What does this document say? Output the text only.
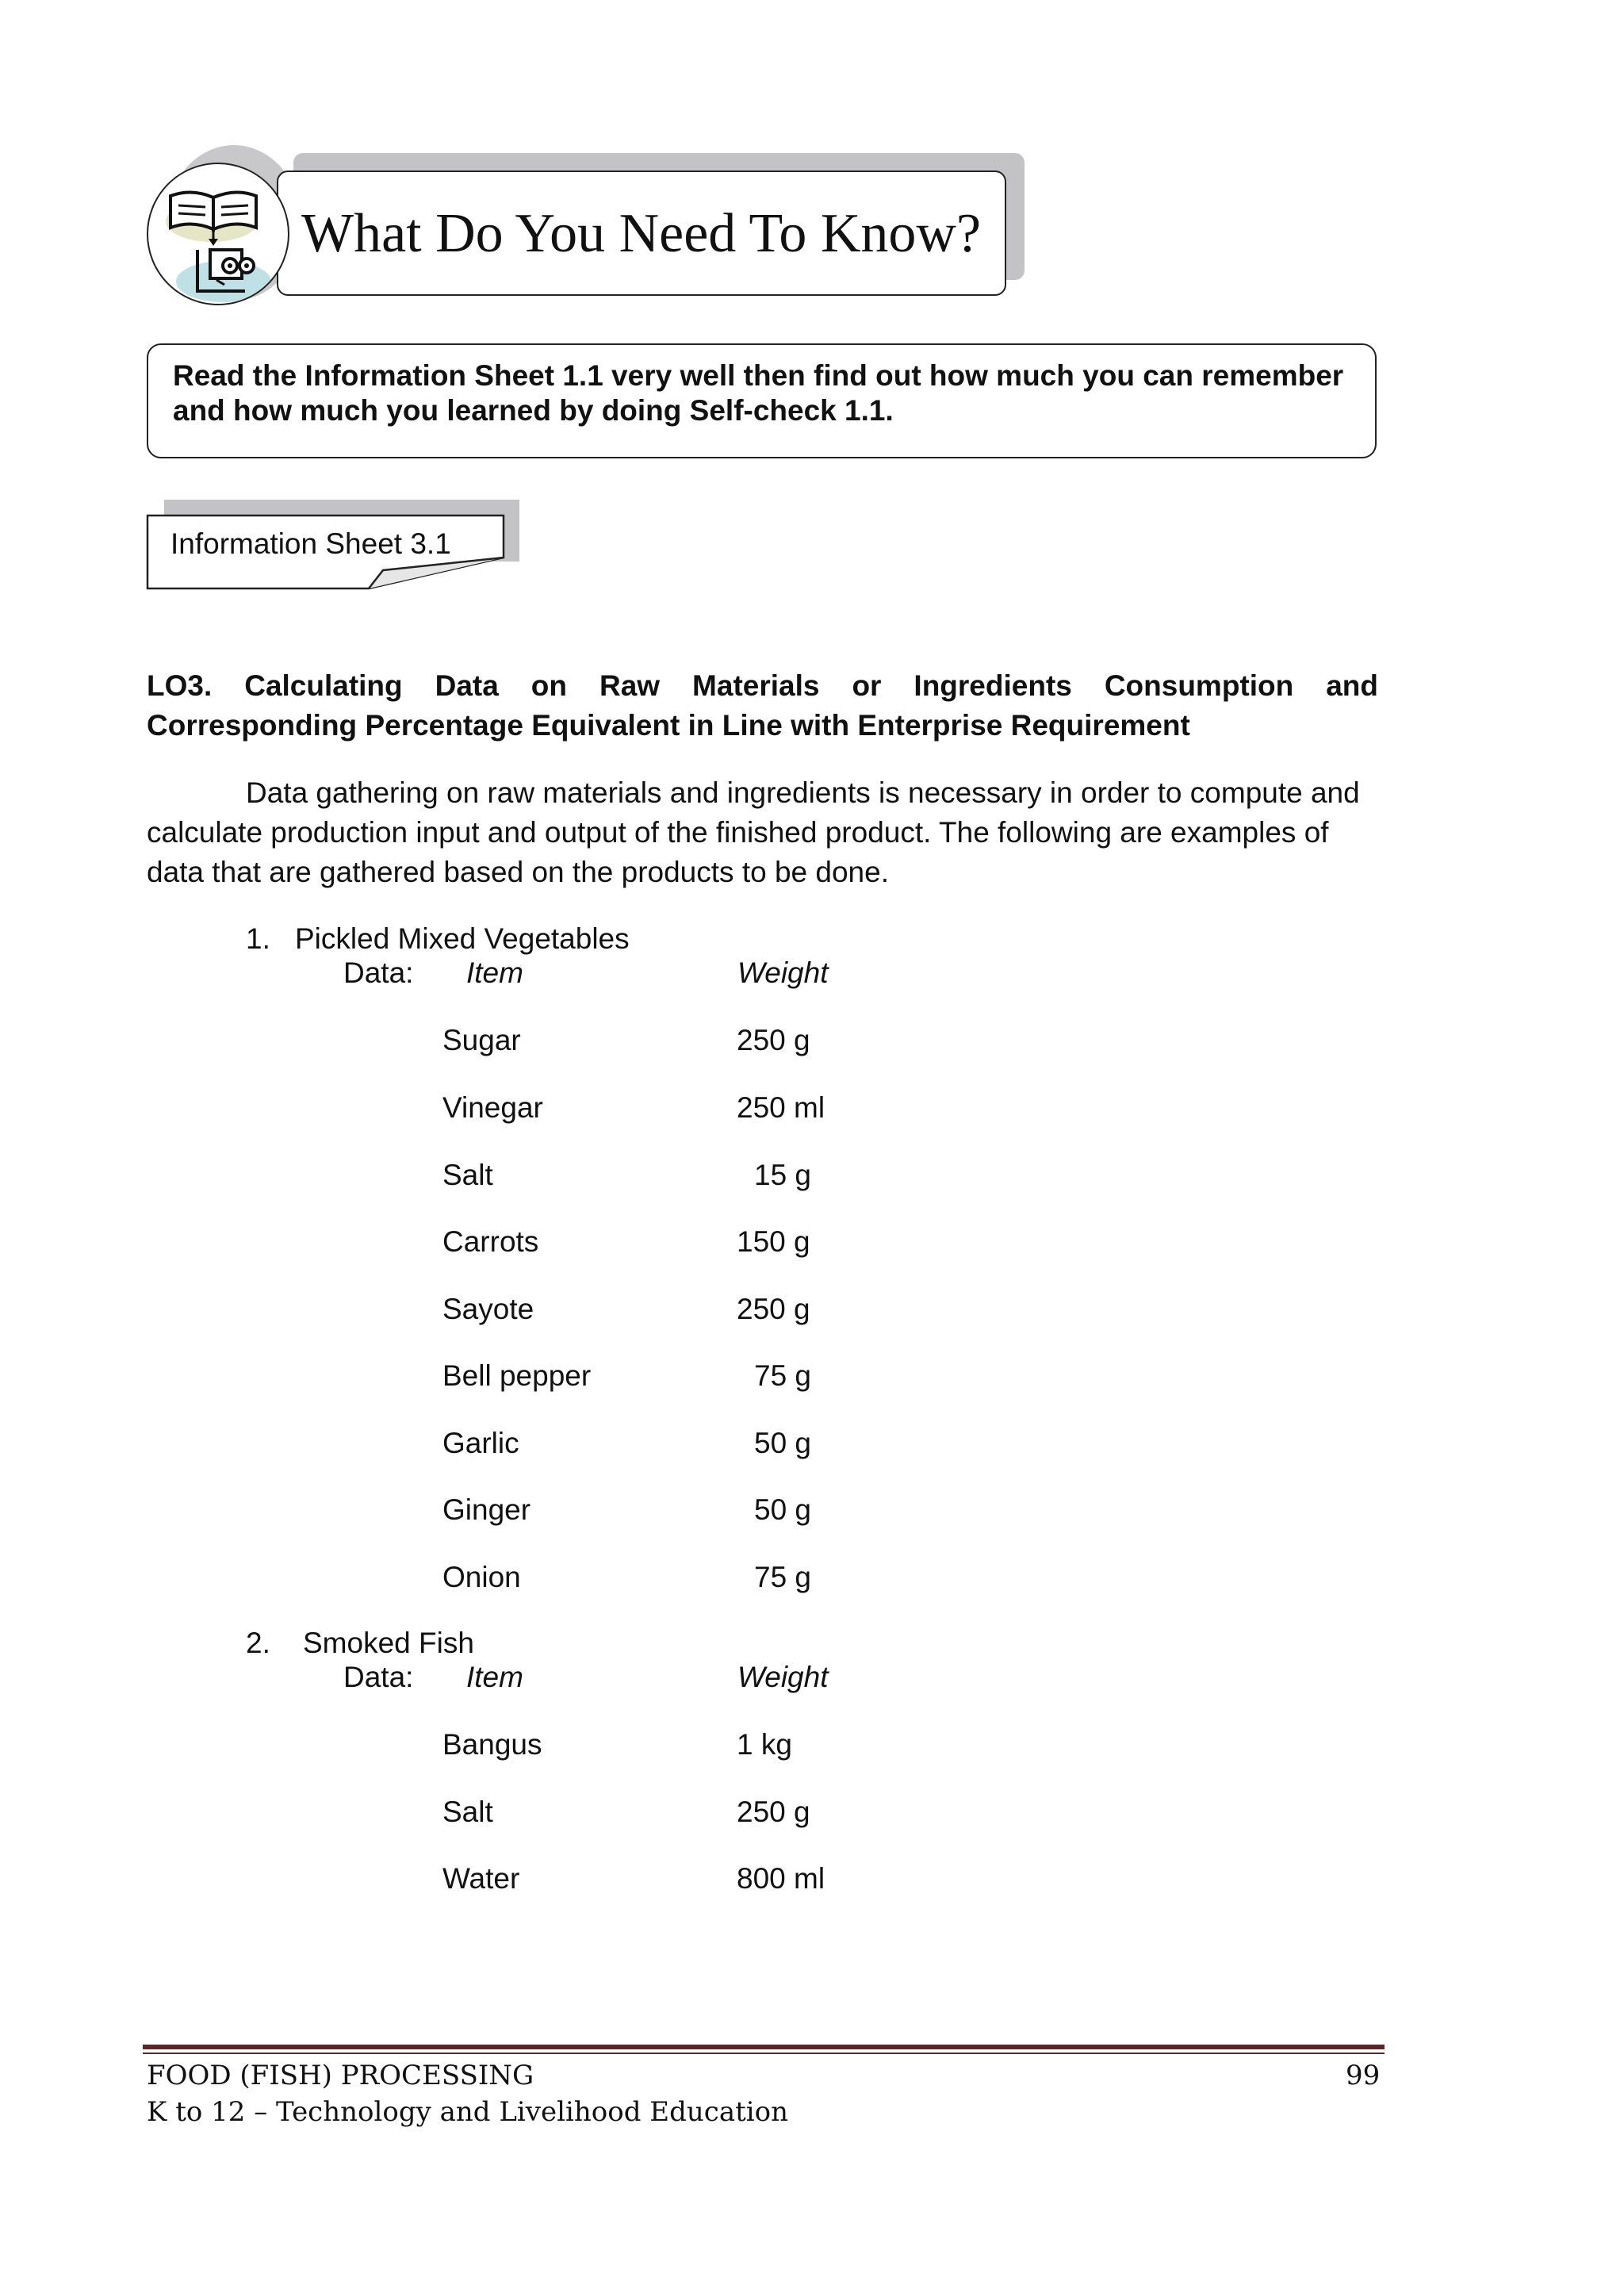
What Do You Need To Know?
Read the Information Sheet 1.1 very well then find out how much you can remember and how much you learned by doing Self-check 1.1.
Information Sheet 3.1
LO3. Calculating Data on Raw Materials or Ingredients Consumption and
Corresponding Percentage Equivalent in Line with Enterprise Requirement
Data gathering on raw materials and ingredients is necessary in order to compute and calculate production input and output of the finished product. The following are examples of data that are gathered based on the products to be done.
1. Pickled Mixed Vegetables
Data: Item	Weight
Sugar	250 g
Vinegar	250 ml
Salt	15 g
Carrots	150 g
Sayote	250 g
Bell pepper	75 g
Garlic	50 g
Ginger	50 g
Onion	75 g
2. Smoked Fish
Data: Item	Weight
Bangus	1 kg
Salt	250 g
Water	800 ml
FOOD (FISH) PROCESSING	99
K to 12 – Technology and Livelihood Education
